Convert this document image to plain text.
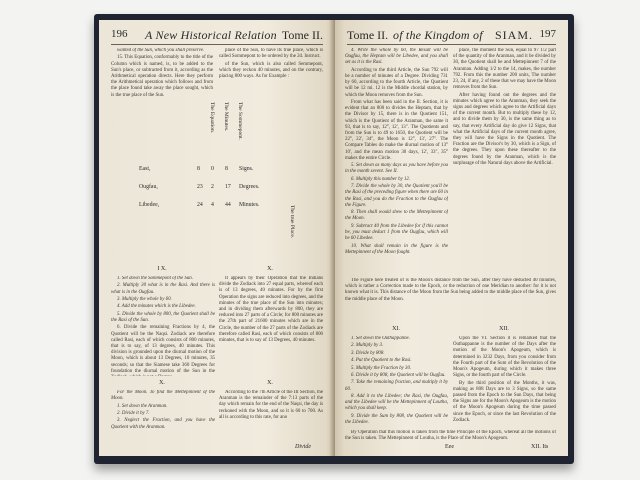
196 A New Historical Relation Tome II.

wanted of the Sun, which you shall preserve.

15. This Equation, conformably to the title of the Column which is named, is, to be added to the Sun's place, or subtracted from it, according as the Arithmetical operation directs. Here they perform the Arithmetical operation which follows and from the place found take away the place sought, which is the true place of the Sun.

place of the Sun, to have its true place, which is called Sommepont to be ordered by the 2d. Instruct.

of the Sun, which is also called Semmepont, which they reckon 40 minutes, and on the contrary, placing 800 ways. As for Example :

The Equation. The Minutes. The Sommepont.
The true Place.
East,	8 0 8 Signs.
Ougfau,	23 2 17 Degrees.
Libedee,	24 4 44 Minutes.
I X.	X.

1. Set down the Sommepont of the Sun.

2. Multiply 30 what is in the Rasi. And there is what is in the Ougfau.

3. Multiply the whole by 60.

4. Add the minutes which is the Libedee.

5. Divide the whole by 800, the Quotient shall be the Rasi of the Sun.

6. Divide the remaining Fractions by 4, the Quotient will be the Naqsi. Zodiack are therefore called Rasi, each of which consists of 800 minutes, that is to say, of 13 degrees, 40 minutes. This division is grounded upon the diurnal motion of the Moon, which is about 13 Degrees, 10 minutes, 35 seconds; so that the Siamese take 360 Degrees for foundation the diurnal motion of the Sun in the

It appears by their Operation that the Indians divide the Zodiack into 27 equal parts, whereof each is of 13 degrees, 40 minutes. For by the first Operation the signs are reduced into degrees, and the minutes of the true place of the Sun into minutes; and in dividing them afterwards by 800, they are reduced into 27 parts of a Circle; for 800 minutes are the 27th part of 21600 minutes which are in the Circle, the number of the 27 parts of the Zodiack are therefore called Rasi, each of which consists of 800 minutes, that is to say of 13 Degrees, 40 minutes.

X.	X.

For the Moon. To find the Mettepinnent of the Moon.

1. Set down the Aranman.

2. Divide it by 7.

3. Neglect the Fraction, and you have the Quotient with the Aranman.

According to the 7th Article of the III Section, the Aranman is the remainder of the 7:13 parts of the day which remain for the end of the Naqsi, the day is reckoned with the Moon, and so it is 60 to 700. As all is according to this rate, for ano

Divide
Tome II. of the Kingdom of SIAM. 197

4. Write the whole by 60, the Result will be Ougfau, the Heptam will be Libedee, and you shall set as it is the Rasi.

According to the third Article, the Sun 792 will be a number of minutes of a Degree. Dividing 731 by 60, according to the fourth Article, the Quotient will be 12 mi. 12 is the Middle chordal station, by which the Moon removes from the Sun.

From what has been said in the II. Section, it is evident that an 800 to divides the Heptam, that by the Divisor by 15, there is in the Quotient 151, which is the Quotient of the Aranman, the same it 93, that is to say, 12°, 12′, 13″. The Quotients and from the Sun is to 49 to 1650, the Quotient will be 22°, 22′, 34″, the Moon is 12°, 13′, 27″. The Compare Tables do make the diurnal motion of 13° 10′, and the mean motion 30 days, 12′, 33″, 35‴ makes the entire Circle.

5. Set down as many days as you have before you in the month sevent. See II.

6. Multiply this number by 12.

7. Divide the whole by 30, the Quotient you'll be the Rasi of the preceding figure when there are 60 in the Rasi, and you do the Fraction to the Ougfau of the Figure.

8. Then shall would shew to the Mettepinnent of the Moon.

9. Subtract 40 from the Libedee for if this cannot be, you must deduct 1 from the Ougfau, which will be 60 Libedee.

10. What shall remain in the figure is the Mettepinnent of the Moon fought.

place, the moment the Sun, equal to 97 1/2 part of the quantity of the Aranman, and it be divided by 30, the Quotient shall be and Mettepinnent 7 of the Aranman. Adding 1/2 to the 14, makes, the number 792. From this the number 200 units, The number 23, 24, if any, 2 of these that we may have the Moon removes from the Sun.

After having found out the degrees and the minutes which agree to the Aranman, they seek the signs and degrees which agree to the Artificial days of the current month. But to multiply these by 12, and to divide them by 30, is the same thing as to say, that every Artificial day do give 12 Signs, that what the Artificial days of the current month agree, they will have the Signs in the Quotient. The Fraction are the Divisor's by 30, which is a Sign, of the degrees. They upon these thereafter to the degrees found by the Aranman, which is the surplusage of the Natural days above the Artificial.

The Figure here treated of is the Moon's distance from the Sun, after they have deducted 40 minutes, which is rather a Correction made to the Epoch, or the reduction of one Meridian to another: for it is not known what it is. This distance of the Moon from the Sun being added to the middle place of the Sun, gives the middle place of the Moon.

XI.	XII.

1. Set down the Outhappanne.

2. Multiply by 3.

3. Divide by 808.

4. Put the Quotient to the Rasi.

5. Multiply the Fraction by 30.

6. Divide it by 808, the Quotient will be Ougfau.

7. Take the remaining fraction, and multiply it by 60.

8. Add it to the Libedee; the Rasi, the Ougfau, and the Libedee will be the Mettepinnent of Loutha, which you shall keep.

9. Divide the Sum by 808, the Quotient will be the Libedee.

Upon the VI. Section it is remarked that the Outhappanne is the number of the Days after the motion of the Moon's Apogeum, which is determined in 3232 Days, from you consider from the Fourth part of the Sum of the Revolution of the Moon's Apogeum, during which it makes three Signs, or the fourth part of the Circle.

By the third position of the Months, it was, making as 808 Days are to 3 Signs, so the same passed from the Epoch to the Sun Days, that being the Signs are for the Moon's Apogeum is the motion of the Moon's Apogeum during the time passed since the Epoch, or since the last Revolution of the Zodiack.

By Operation that this motion is taken from the time Principle of the Epoch, whereat all the motions of the Sun is taken. The Mettepinnent of Loutha, is the Place of the Moon's Apogeum.

Eee	XII. Its
